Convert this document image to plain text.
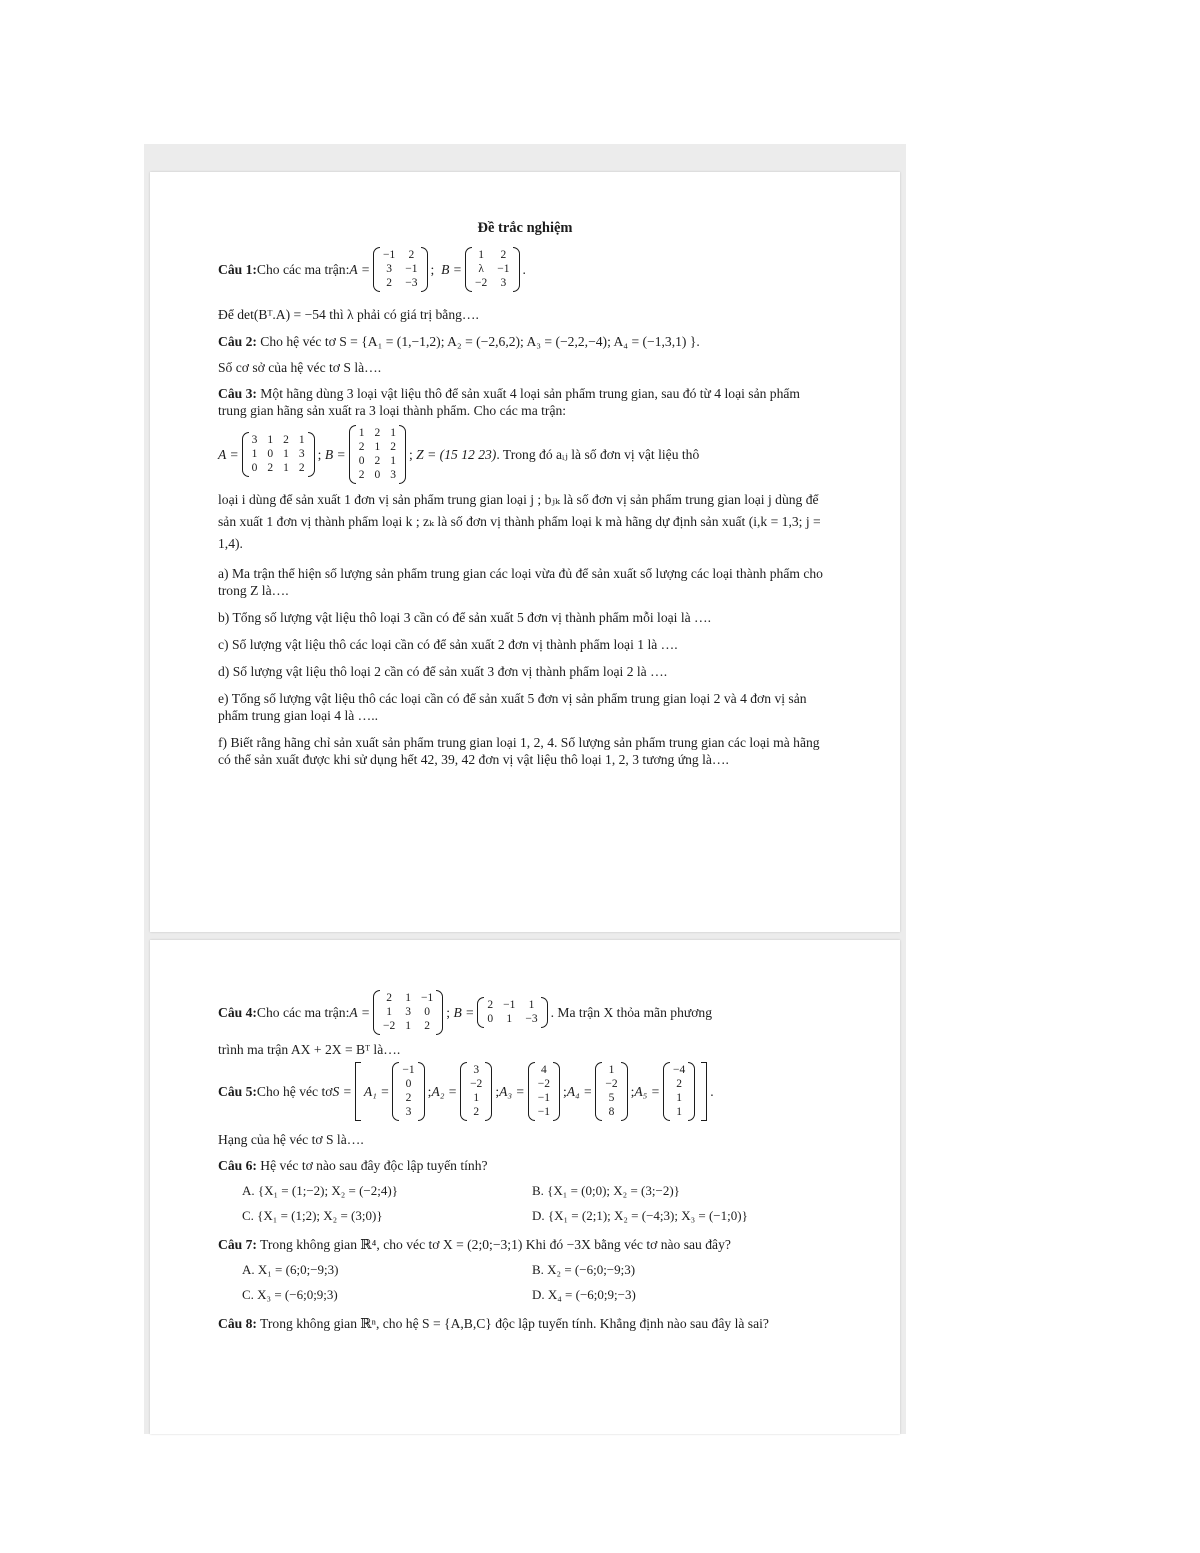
Đề trắc nghiệm
Câu 1: Cho các ma trận: A =
−1 2
3 −1
2 −3
; B =
1 2
λ −1
−2 3
.

Để det(Bᵀ.A) = −54 thì λ phải có giá trị bằng….

Câu 2: Cho hệ véc tơ S = {A₁ = (1,−1,2); A₂ = (−2,6,2); A₃ = (−2,2,−4); A₄ = (−1,3,1) }.

Số cơ sở của hệ véc tơ S là….

Câu 3: Một hãng dùng 3 loại vật liệu thô để sản xuất 4 loại sản phẩm trung gian, sau đó từ 4 loại sản phẩm trung gian hãng sản xuất ra 3 loại thành phẩm. Cho các ma trận:

A =
3 1 2 1
1 0 1 3
0 2 1 2
; B =
1 2 1
2 1 2
0 2 1
2 0 3
; Z = (15 12 23) . Trong đó aᵢⱼ là số đơn vị vật liệu thô

loại i dùng để sản xuất 1 đơn vị sản phẩm trung gian loại j ; bⱼₖ là số đơn vị sản phẩm trung gian loại j dùng để sản xuất 1 đơn vị thành phẩm loại k ; zₖ là số đơn vị thành phẩm loại k mà hãng dự định sản xuất (i,k = 1,3; j = 1,4).

a) Ma trận thể hiện số lượng sản phẩm trung gian các loại vừa đủ để sản xuất số lượng các loại thành phẩm cho trong Z là….

b) Tổng số lượng vật liệu thô loại 3 cần có để sản xuất 5 đơn vị thành phẩm mỗi loại là ….

c) Số lượng vật liệu thô các loại cần có để sản xuất 2 đơn vị thành phẩm loại 1 là ….

d) Số lượng vật liệu thô loại 2 cần có để sản xuất 3 đơn vị thành phẩm loại 2 là ….

e) Tổng số lượng vật liệu thô các loại cần có để sản xuất 5 đơn vị sản phẩm trung gian loại 2 và 4 đơn vị sản phẩm trung gian loại 4 là …..

f) Biết rằng hãng chỉ sản xuất sản phẩm trung gian loại 1, 2, 4. Số lượng sản phẩm trung gian các loại mà hãng có thể sản xuất được khi sử dụng hết 42, 39, 42 đơn vị vật liệu thô loại 1, 2, 3 tương ứng là….

Câu 4: Cho các ma trận: A =
2 1 −1
1 3 0
−2 1 2
; B = 2 −1 1
0 1 −3 . Ma trận X thỏa mãn phương

trình ma trận AX + 2X = Bᵀ là….

Câu 5: Cho hệ véc tơ S = A₁ =
−1
0
2
3
; A₂ =
3
−2
1
2
; A₃ =
4
−2
−1
−1
; A₄ =
1
−2
5
8
; A₅ =
−4
2
1
1
.

Hạng của hệ véc tơ S là….

Câu 6: Hệ véc tơ nào sau đây độc lập tuyến tính?

A. {X₁ = (1;−2); X₂ = (−2;4)}	B. {X₁ = (0;0); X₂ = (3;−2)}
C. {X₁ = (1;2); X₂ = (3;0)}	D. {X₁ = (2;1); X₂ = (−4;3); X₃ = (−1;0)}

Câu 7: Trong không gian ℝ⁴, cho véc tơ X = (2;0;−3;1) Khi đó −3X bằng véc tơ nào sau đây?

A. X₁ = (6;0;−9;3)	B. X₂ = (−6;0;−9;3)
C. X₃ = (−6;0;9;3)	D. X₄ = (−6;0;9;−3)

Câu 8: Trong không gian ℝⁿ, cho hệ S = {A,B,C} độc lập tuyến tính. Khẳng định nào sau đây là sai?
